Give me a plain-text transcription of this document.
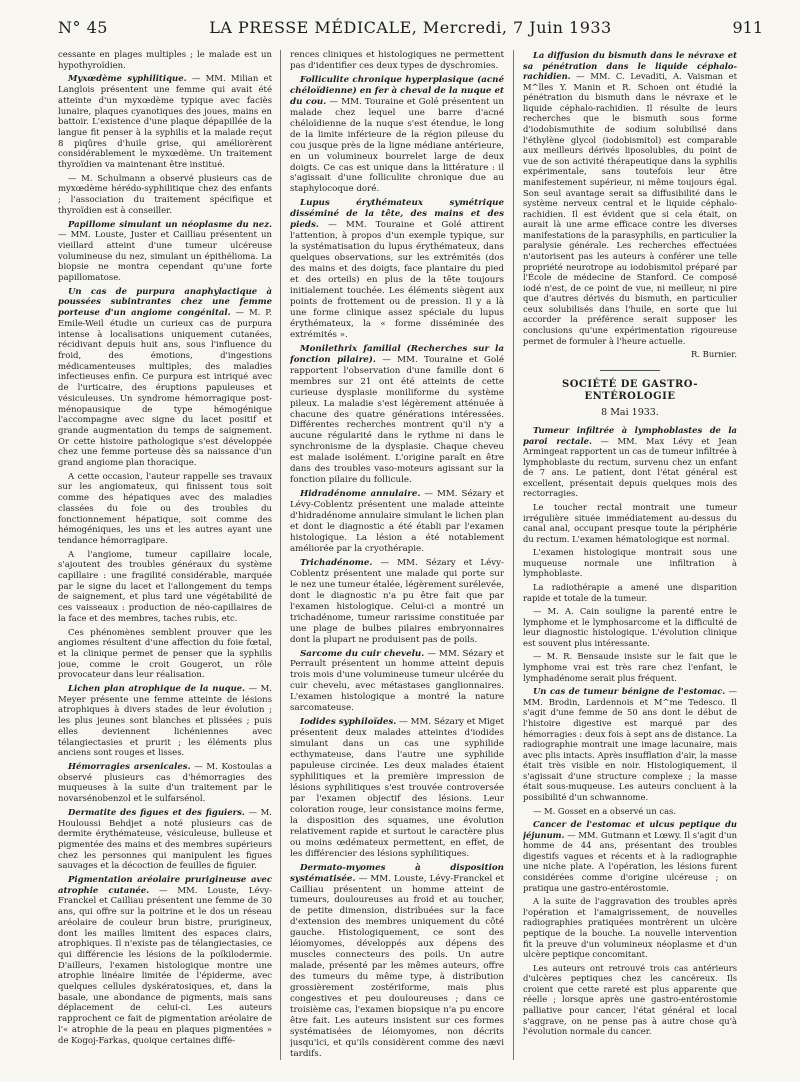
N° 45	LA PRESSE MÉDICALE, Mercredi, 7 Juin 1933	911

cessante en plages multiples ; le malade est un hypothyroïdien.

Myxœdème syphilitique. — MM. Milian et Langlois présentent une femme qui avait été atteinte d'un myxœdème typique avec faciès lunaire, plaques cyanotiques des joues, mains en battoir. L'existence d'une plaque dépapillée de la langue fit penser à la syphilis et la malade reçut 8 piqûres d'huile grise, qui améliorèrent considérablement le myxœdème. Un traitement thyroïdien va maintenant être institué.

— M. Schulmann a observé plusieurs cas de myxœdème hérédo-syphilitique chez des enfants ; l'association du traitement spécifique et thyroïdien est à conseiller.

Papillome simulant un néoplasme du nez. — MM. Louste, Juster et Cailliau présentent un vieillard atteint d'une tumeur ulcéreuse volumineuse du nez, simulant un épithélioma. La biopsie ne montra cependant qu'une forte papillomatose.

Un cas de purpura anaphylactique à poussées subintrantes chez une femme porteuse d'un angiome congénital. — M. P. Emile-Weil étudie un curieux cas de purpura intense à localisations uniquement cutanées, récidivant depuis huit ans, sous l'influence du froid, des émotions, d'ingestions médicamenteuses multiples, des maladies infectieuses enfin. Ce purpura est intriqué avec de l'urticaire, des éruptions papuleuses et vésiculeuses. Un syndrome hémorragique post-ménopausique de type hémogénique l'accompagne avec signe du lacet positif et grande augmentation du temps de saignement. Or cette histoire pathologique s'est développée chez une femme porteuse dès sa naissance d'un grand angiome plan thoracique.

A cette occasion, l'auteur rappelle ses travaux sur les angiomateux, qui finissent tous soit comme des hépatiques avec des maladies classées du foie ou des troubles du fonctionnement hépatique, soit comme des hémogéniques, les uns et les autres ayant une tendance hémorragipare.

A l'angiome, tumeur capillaire locale, s'ajoutent des troubles généraux du système capillaire : une fragilité considérable, marquée par le signe du lacet et l'allongement du temps de saignement, et plus tard une végétabilité de ces vaisseaux : production de néo-capillaires de la face et des membres, taches rubis, etc.

Ces phénomènes semblent prouver que les angiomes résultent d'une affection du foie fœtal, et la clinique permet de penser que la syphilis joue, comme le croit Gougerot, un rôle provocateur dans leur réalisation.

Lichen plan atrophique de la nuque. — M. Meyer présente une femme atteinte de lésions atrophiques à divers stades de leur évolution ; les plus jeunes sont blanches et plissées ; puis elles deviennent lichéniennes avec télangiectasies et prurit ; les éléments plus anciens sont rouges et lisses.

Hémorragies arsenicales. — M. Kostoulas a observé plusieurs cas d'hémorragies des muqueuses à la suite d'un traitement par le novarsénobenzol et le sulfarsénol.

Dermatite des figues et des figuiers. — M. Houloussi Behdjet a noté plusieurs cas de dermite érythémateuse, vésiculeuse, bulleuse et pigmentée des mains et des membres supérieurs chez les personnes qui manipulent les figues sauvages et la décoction de feuilles de figuier.

Pigmentation aréolaire prurigineuse avec atrophie cutanée. — MM. Louste, Lévy-Franckel et Cailliau présentent une femme de 30 ans, qui offre sur la poitrine et le dos un réseau aréolaire de couleur brun bistre, prurigineux, dont les mailles limitent des espaces clairs, atrophiques. Il n'existe pas de télangiectasies, ce qui différencie les lésions de la poïkilodermie. D'ailleurs, l'examen histologique montre une atrophie linéaire limitée de l'épiderme, avec quelques cellules dyskératosiques, et, dans la basale, une abondance de pigments, mais sans déplacement de celui-ci. Les auteurs rapprochent ce fait de pigmentation aréolaire de l'« atrophie de la peau en plaques pigmentées » de Kogoj-Farkas, quoique certaines diffé-

rences cliniques et histologiques ne permettent pas d'identifier ces deux types de dyschromies.

Folliculite chronique hyperplasique (acné chéloïdienne) en fer à cheval de la nuque et du cou. — MM. Touraine et Golé présentent un malade chez lequel une barre d'acné chéloïdienne de la nuque s'est étendue, le long de la limite inférieure de la région pileuse du cou jusque près de la ligne médiane antérieure, en un volumineux bourrelet large de deux doigts. Ce cas est unique dans la littérature : il s'agissait d'une folliculite chronique due au staphylocoque doré.

Lupus érythémateux symétrique disséminé de la tête, des mains et des pieds. — MM. Touraine et Golé attirent l'attention, à propos d'un exemple typique, sur la systématisation du lupus érythémateux, dans quelques observations, sur les extrémités (dos des mains et des doigts, face plantaire du pied et des orteils) en plus de la tête toujours initialement touchée. Les éléments siègent aux points de frottement ou de pression. Il y a là une forme clinique assez spéciale du lupus érythémateux, la « forme disséminée des extrémités ».

Monilethrix familial (Recherches sur la fonction pilaire). — MM. Touraine et Golé rapportent l'observation d'une famille dont 6 membres sur 21 ont été atteints de cette curieuse dysplasie moniliforme du système pileux. La maladie s'est légèrement atténuée à chacune des quatre générations intéressées. Différentes recherches montrent qu'il n'y a aucune régularité dans le rythme ni dans le synchronisme de la dysplasie. Chaque cheveu est malade isolément. L'origine paraît en être dans des troubles vaso-moteurs agissant sur la fonction pilaire du follicule.

Hidradénome annulaire. — MM. Sézary et Lévy-Coblentz présentent une malade atteinte d'hidradénome annulaire simulant le lichen plan et dont le diagnostic a été établi par l'examen histologique. La lésion a été notablement améliorée par la cryothérapie.

Trichadénome. — MM. Sézary et Lévy-Coblentz présentent une malade qui porte sur le nez une tumeur étalée, légèrement surélevée, dont le diagnostic n'a pu être fait que par l'examen histologique. Celui-ci a montré un trichadénome, tumeur rarissime constituée par une plage de bulbes pilaires embryonnaires dont la plupart ne produisent pas de poils.

Sarcome du cuir chevelu. — MM. Sézary et Perrault présentent un homme atteint depuis trois mois d'une volumineuse tumeur ulcérée du cuir chevelu, avec métastases ganglionnaires. L'examen histologique a montré la nature sarcomateuse.

Iodides syphiloïdes. — MM. Sézary et Miget présentent deux malades atteintes d'iodides simulant dans un cas une syphilide ecthymateuse, dans l'autre une syphilide papuleuse circinée. Les deux malades étaient syphilitiques et la première impression de lésions syphilitiques s'est trouvée controversée par l'examen objectif des lésions. Leur coloration rouge, leur consistance moins ferme, la disposition des squames, une évolution relativement rapide et surtout le caractère plus ou moins œdémateux permettent, en effet, de les différencier des lésions syphilitiques.

Dermato-myomes à disposition systématisée. — MM. Louste, Lévy-Franckel et Cailliau présentent un homme atteint de tumeurs, douloureuses au froid et au toucher, de petite dimension, distribuées sur la face d'extension des membres uniquement du côté gauche. Histologiquement, ce sont des léiomyomes, développés aux dépens des muscles connecteurs des poils. Un autre malade, présenté par les mêmes auteurs, offre des tumeurs du même type, à distribution grossièrement zostériforme, mais plus congestives et peu douloureuses ; dans ce troisième cas, l'examen biopsique n'a pu encore être fait. Les auteurs insistent sur ces formes systématisées de léiomyomes, non décrits jusqu'ici, et qu'ils considèrent comme des nævi tardifs.

La diffusion du bismuth dans le névraxe et sa pénétration dans le liquide céphalo-rachidien. — MM. C. Levaditi, A. Vaisman et M^lles Y. Manin et R. Schoen ont étudié la pénétration du bismuth dans le névraxe et le liquide céphalo-rachidien. Il résulte de leurs recherches que le bismuth sous forme d'iodobismuthite de sodium solubilisé dans l'éthylène glycol (iodobismitol) est comparable aux meilleurs dérivés liposolubles, du point de vue de son activité thérapeutique dans la syphilis expérimentale, sans toutefois leur être manifestement supérieur, ni même toujours égal. Son seul avantage serait sa diffusibilité dans le système nerveux central et le liquide céphalo-rachidien. Il est évident que si cela était, on aurait là une arme efficace contre les diverses manifestations de la parasyphilis, en particulier la paralysie générale. Les recherches effectuées n'autorisent pas les auteurs à conférer une telle propriété neurotrope au iodobismitol préparé par l'École de médecine de Stanford. Ce composé iodé n'est, de ce point de vue, ni meilleur, ni pire que d'autres dérivés du bismuth, en particulier ceux solubilisés dans l'huile, en sorte que lui accorder la préférence serait supposer les conclusions qu'une expérimentation rigoureuse permet de formuler à l'heure actuelle.

R. Burnier.

SOCIÉTÉ DE GASTRO-ENTÉROLOGIE
8 Mai 1933.

Tumeur infiltrée à lymphoblastes de la paroi rectale. — MM. Max Lévy et Jean Armingeat rapportent un cas de tumeur infiltrée à lymphoblaste du rectum, survenu chez un enfant de 7 ans. Le patient, dont l'état général est excellent, présentait depuis quelques mois des rectorragies.

Le toucher rectal montrait une tumeur irrégulière située immédiatement au-dessus du canal anal, occupant presque toute la périphérie du rectum. L'examen hématologique est normal.

L'examen histologique montrait sous une muqueuse normale une infiltration à lymphoblaste.

La radiothérapie a amené une disparition rapide et totale de la tumeur.

— M. A. Cain souligne la parenté entre le lymphome et le lymphosarcome et la difficulté de leur diagnostic histologique. L'évolution clinique est souvent plus intéressante.

— M. R. Bensaude insiste sur le fait que le lymphome vrai est très rare chez l'enfant, le lymphadénome serait plus fréquent.

Un cas de tumeur bénigne de l'estomac. — MM. Brodin, Lardennois et M^me Tedesco. Il s'agit d'une femme de 50 ans dont le début de l'histoire digestive est marqué par des hémorragies : deux fois à sept ans de distance. La radiographie montrait une image lacunaire, mais avec plis intacts. Après insufflation d'air, la masse était très visible en noir. Histologiquement, il s'agissait d'une structure complexe ; la masse était sous-muqueuse. Les auteurs concluent à la possibilité d'un schwannome.

— M. Gosset en a observé un cas.

Cancer de l'estomac et ulcus peptique du jéjunum. — MM. Gutmann et Lœwy. Il s'agit d'un homme de 44 ans, présentant des troubles digestifs vagues et récents et à la radiographie une niche plate. A l'opération, les lésions furent considérées comme d'origine ulcéreuse ; on pratiqua une gastro-entérostomie.

A la suite de l'aggravation des troubles après l'opération et l'amaigrissement, de nouvelles radiographies pratiquées montrèrent un ulcère peptique de la bouche. La nouvelle intervention fit la preuve d'un volumineux néoplasme et d'un ulcère peptique concomitant.

Les auteurs ont retrouvé trois cas antérieurs d'ulcères peptiques chez les cancéreux. Ils croient que cette rareté est plus apparente que réelle ; lorsque après une gastro-entérostomie palliative pour cancer, l'état général et local s'aggrave, on ne pense pas à autre chose qu'à l'évolution normale du cancer.
